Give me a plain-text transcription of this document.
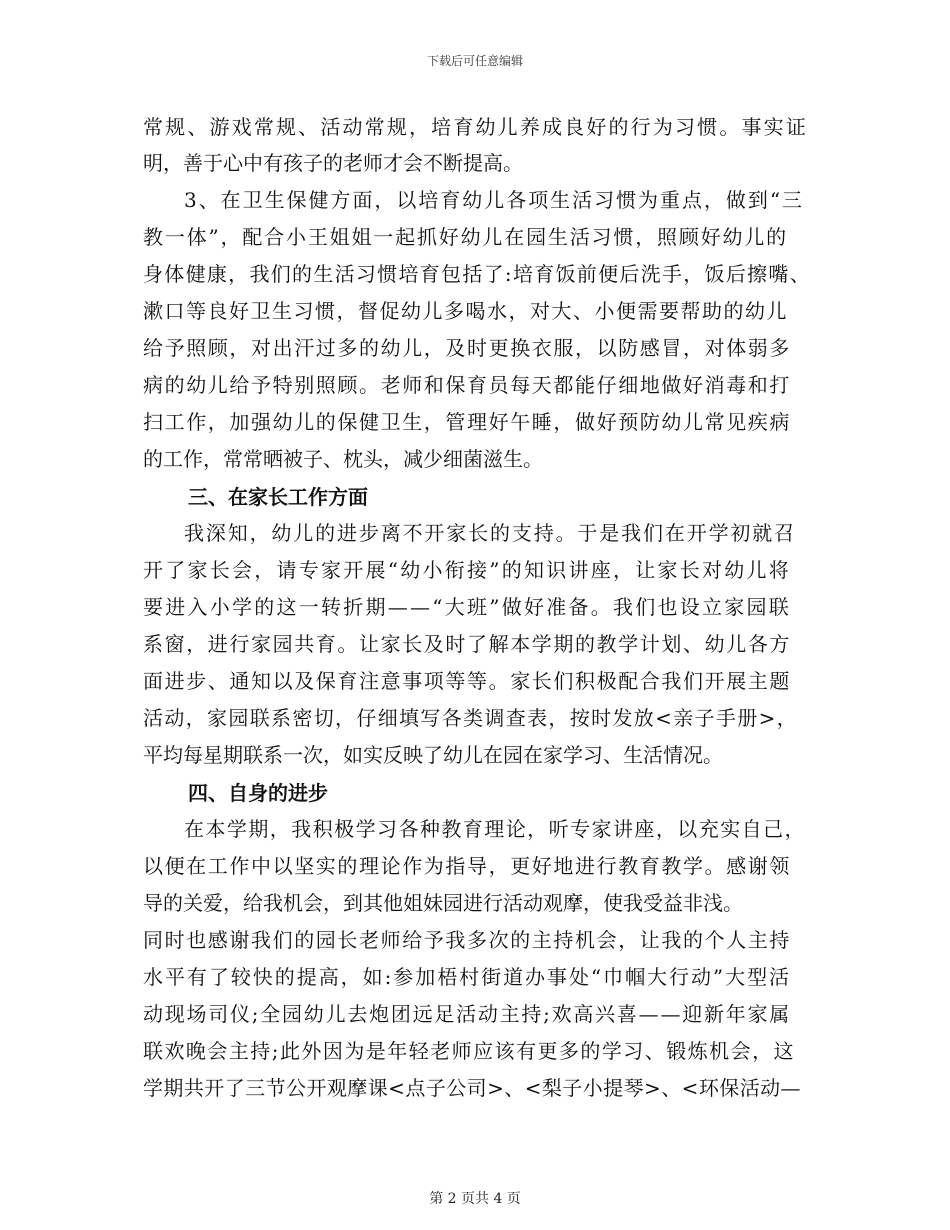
下载后可任意编辑
常规、游戏常规、活动常规，培育幼儿养成良好的行为习惯。事实证
明，善于心中有孩子的老师才会不断提高。
3、在卫生保健方面，以培育幼儿各项生活习惯为重点，做到“三
教一体”，配合小王姐姐一起抓好幼儿在园生活习惯，照顾好幼儿的
身体健康，我们的生活习惯培育包括了:培育饭前便后洗手，饭后擦嘴、
漱口等良好卫生习惯，督促幼儿多喝水，对大、小便需要帮助的幼儿
给予照顾，对出汗过多的幼儿，及时更换衣服，以防感冒，对体弱多
病的幼儿给予特别照顾。老师和保育员每天都能仔细地做好消毒和打
扫工作，加强幼儿的保健卫生，管理好午睡，做好预防幼儿常见疾病
的工作，常常晒被子、枕头，减少细菌滋生。
三、在家长工作方面
我深知，幼儿的进步离不开家长的支持。于是我们在开学初就召
开了家长会，请专家开展“幼小衔接”的知识讲座，让家长对幼儿将
要进入小学的这一转折期——“大班”做好准备。我们也设立家园联
系窗，进行家园共育。让家长及时了解本学期的教学计划、幼儿各方
面进步、通知以及保育注意事项等等。家长们积极配合我们开展主题
活动，家园联系密切，仔细填写各类调查表，按时发放<亲子手册>，
平均每星期联系一次，如实反映了幼儿在园在家学习、生活情况。
四、自身的进步
在本学期，我积极学习各种教育理论，听专家讲座，以充实自己，
以便在工作中以坚实的理论作为指导，更好地进行教育教学。感谢领
导的关爱，给我机会，到其他姐妹园进行活动观摩，使我受益非浅。
同时也感谢我们的园长老师给予我多次的主持机会，让我的个人主持
水平有了较快的提高，如:参加梧村街道办事处“巾帼大行动”大型活
动现场司仪;全园幼儿去炮团远足活动主持;欢高兴喜——迎新年家属
联欢晚会主持;此外因为是年轻老师应该有更多的学习、锻炼机会，这
学期共开了三节公开观摩课<点子公司>、<梨子小提琴>、<环保活动—
第 2 页共 4 页
